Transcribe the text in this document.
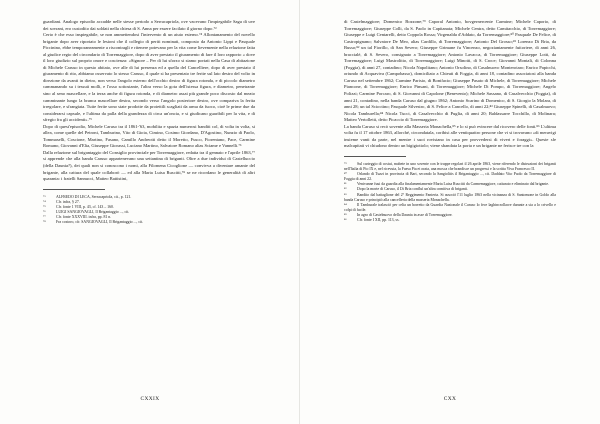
guardiani. Analogo episodio accadde nelle stesse periodo a Serracapriola, ove vacevano l'impiegabile Saga di uve dei sovrani, ero custodito dai soldati nella chiesa di S. Anna per essere facilato il giorno dopo.⁷³

Certo è che esso inspiegabile, se non ammettendosi l'intervento di un aiuto esterno.⁷⁴ Allontanamento del novello brigante dopo aver riportato le lesioni che il collegio di periti nominati, composto da Antonio Lippi e Pasquale Piccinino, ebbe temporaneamente a riscontragli e ritenere potevano per la vita come lievemente nella relazione fatta al giudice regio del circondario di Torremaggiore, dopo di aver prestato il giuramento di fare il loro rapporto « dove il loro giudizio sul proprio onore e coscienza: «Signore – Per di lui sforzo si siamo portati nella Casa di abitazione di Michele Caruso in questo abitato, ove alle di lui presenza ed a quella del Cancelliere, dopo di aver prestato il giuramento di rito, abbiamo osservato lo stesso Caruso, il quale si ha presentato tre ferite sul lato destro del volto in direzione da avanti in dietro, non verso l'angolo esterno dell'occhio destro di figura rotonda, e di piccolo diametro cammanando su i tessuti molli, e l'osso sottostante, l'altra verso la gota dell'istessa figura, e diametro, penetrante sino al seno mascellare, e la terza anche di figura rotonda, e di diametro assai più grande poco discosto dal meato camminante lungo la branca mascellare destra, secondo verso l'angolo posteriore destro, ove compariva la ferita irregolare, e sfrangiata. Tutte ferite sono state prodotte da proiettili scagliati da arma da fuoco, cioè le prime due da considerarsi capsule, e l'ultima da palla della grandezza di circa un'oncia, e si giudicano guaribili per la vita, e di sfregio fra gli accidenti».⁷⁵

Dopo di quest'episodio, Michele Caruso tra il 1861-'63, mobilita e spazia numerosi banditi col, di volta in volta, si allea, come quelle del Petroni, Tamburino, Vito di Gioia, Cimino, Cosimo Giordano, D'Agostino, Nunzio di Paolo, Tommaselli, Coscione, Martino, Fasano, Camillo Andreotti detto il Moretto, Fusco, Fiorentano, Pace, Carmine Romano, Giovanni d'Elia, Giuseppe Giorassi, Luciano Martino, Salvatore Romano alias Sciame e Vannelli.⁷⁶

Dalla relazione sul brigantaggio del Consiglio provinciale per Torremaggiore, redatta tra il gennaio e l'aprile 1863,⁷⁷ si apprende che alla banda Caruso appartenevano una settantina di briganti. Oltre a due individui di Castelluccio (della Daunia?), dei quali non si conoscono i nomi, alla Filomena Cicoglione — convivva a diventare amante del brigante, alla cattura del quale collaborò — ed alla Maria Luisa Ruscitti,⁷⁸ se ne ricordano le generalità di altri quaranta: i fratelli Sannucci, Matteo Battistini,

⁷³	ALFREDO DI LECA, Serracapriola, cit., p. 121.

⁷⁴	Cfr. infra, § 27.

⁷⁵	Cfr. fonte 1 VIII, p. 43, cf. 143 – 160.

⁷⁶	LUIGI SANGIOVAGLI, Il Brigantaggio ..., cit.

⁷⁷	Cfr. fonte XXXVIII. infra, pp. 81 n.

⁷⁸	Fra costoro, cfr. SANGIOVAGLI, Il Brigantaggio ..., cit.

CXXIX

di Castelmaggiore; Domenico Bozzone;⁷⁹ Caporal Antonio, bovgernercente Carmine; Michele Caporio, di Torremaggiore; Giuseppe Colli, da S. Paolo in Capitanata; Michele Centra, detto Camitacchio, di Torremaggiore; Giuseppe e Luigi Centarelli, detto Coppola Rossa; Virgenalda d'Addato, da Torremaggiore;⁸⁰ Pasquale De Felice, di Castropignano; Salvatore De Meo, alias Cardillo, di Torremaggiore; Antonio Del Grosso;⁸¹ Lorenzo Di Bria, da Busso;⁸² un tal Fiorillo, di San Severo; Giuseppe Grimane fu Vincenzo, negoziantamente fuitoriere, di anni 26, braccialé, di S. Severo, consignato a Torremaggiore; Antonio Lavacca, di Torremaggiore; Giuseppe Lotti, da Torremaggiore; Luigi Mastrolitto, di Torremaggiore; Luigi Minotti, di S. Croce; Giovanni Montali, di Colonna (Foggia), di anni 27, contadino; Nicola Napolitano; Antonio Orsolino, di Casalnuovo Monterotaro; Enrico Papicchi, oriundo di Acquaviva (Campobasso), domiciliato a Chieuti di Foggia, di anni 18, contadino associatosi alla banda Caruso nel settembre 1862; Carmine Parisio, di Bonifacio; Giuseppe Pasato di Michele, di Torremaggiore; Michele Piancone, di Torremaggiore; Enrico Pinsani, di Torremaggiore; Michele Di Pompo, di Torremaggiore; Angelo Polizzi; Carmine Porcaro, di S. Giovanni di Capolone (Benevento); Michele Sassano, di Casalvecchio (Foggia), di anni 21, contadino, nella banda Caruso dal giugno 1862; Antonio Scarino di Domenico, di S. Giorgio la Molara, di anni 28; un tal Scioctino; Pasquale Silvestro, di S. Felice a Cancello, di anni 22;⁸³ Giuseppe Spinelli, di Casalnuovo; Nicola Tamburella;⁸⁴ Nicola Tucci, di Casalvecchio di Puglia, di anni 20; Baldassarre Tocchillo, di Molinara; Matteo Vertolletti, detto Picaccio di Torremaggiore.

La banda Caruso si recò sovente alla Masseria Monachella,⁸⁵ e lo si può evincere dal ricovero delle fonti.⁸⁶ L'ultima volta fu il 17 ottobre 1863, allorché, circondatala, coribisi alle ventiquattro persone che vi si trovavano «di meravigi insieme vanti da parte, nel mentre i suoi rovistano in casa per provvedersi di viveri e foraggi». Queste sfe malcapitati vi chiudono dentro un bigigiottolo; viene sbandata la porta e un brigante ne ferisce tre con la

⁷⁹	Sul carteggio di costui, mabete in uno sovente con le truppe regolari il 26 aprile 1863, viene riferendo le distruzioni dei briganti nell'Italia di Pio IX e, nel ricevuta, la Fuesa Pia et orata, una mosca che brandisce un progressi e la scritta Viva Francesco II.

⁸⁰	Orlando di Tuzzi in provincia di Bari, secondo la Sangiolitis il Brigantaggio ..., cit. Daddato Vito Paolo da Torremaggiore di Foggia di anni 22.

⁸¹	Venivanne fuui da guardia alla finalamentamente Maria Luisa Ruscitti da Carmemaggiore, catturato e eliminato dal brigante.

⁸²	Dopo la morte di Caruso, il Di Bria confluì un'altra comitiva di briganti.

⁸³	Bandito dal battaglione del 2° Reggimento Fanteria. Si associò l'11 luglio 1863 nella vicinanza di S. Santomone in Goldo alla banda Caruso e principiò alla cancelleria della masseria Monachella.

⁸⁴	Il Tamburale tralasciò per celia un borretto da Guardia Nazionale il Caruso lo fece laghincrollacre durante a sia a lo crivello e colpi di fucile.

⁸⁵	In agro di Castelnuovo della Daunia in asse di Torremaggiore.

⁸⁶	Cfr. fonte I XII, pp. 113, ss.

CXX
